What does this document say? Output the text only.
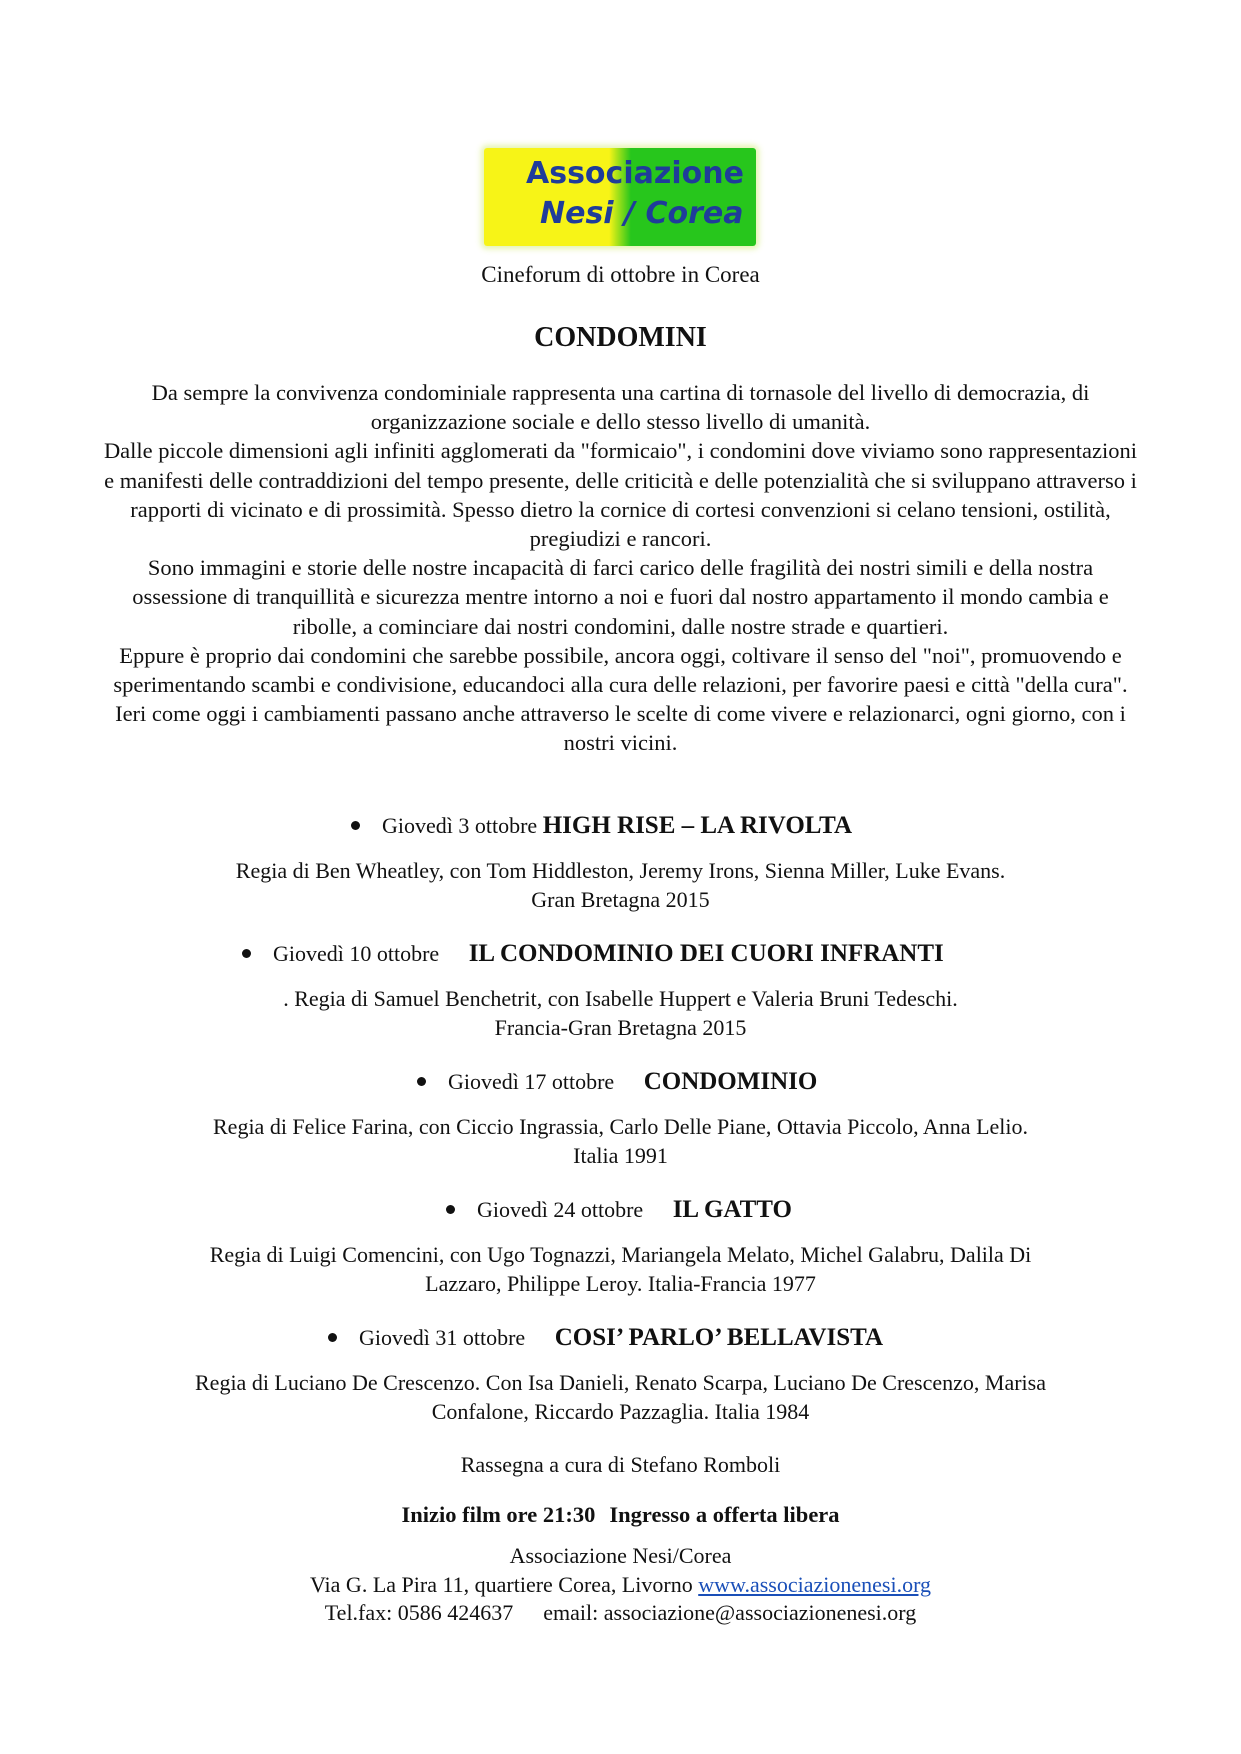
Associazione
Nesi / Corea
Cineforum di ottobre in Corea
CONDOMINI

Da sempre la convivenza condominiale rappresenta una cartina di tornasole del livello di democrazia, di organizzazione sociale e dello stesso livello di umanità.

Dalle piccole dimensioni agli infiniti agglomerati da "formicaio", i condomini dove viviamo sono rappresentazioni e manifesti delle contraddizioni del tempo presente, delle criticità e delle potenzialità che si sviluppano attraverso i rapporti di vicinato e di prossimità. Spesso dietro la cornice di cortesi convenzioni si celano tensioni, ostilità, pregiudizi e rancori.

Sono immagini e storie delle nostre incapacità di farci carico delle fragilità dei nostri simili e della nostra ossessione di tranquillità e sicurezza mentre intorno a noi e fuori dal nostro appartamento il mondo cambia e ribolle, a cominciare dai nostri condomini, dalle nostre strade e quartieri.

Eppure è proprio dai condomini che sarebbe possibile, ancora oggi, coltivare il senso del "noi", promuovendo e sperimentando scambi e condivisione, educandoci alla cura delle relazioni, per favorire paesi e città "della cura".

Ieri come oggi i cambiamenti passano anche attraverso le scelte di come vivere e relazionarci, ogni giorno, con i nostri vicini.

Giovedì 3 ottobre HIGH RISE – LA RIVOLTA
Regia di Ben Wheatley, con Tom Hiddleston, Jeremy Irons, Sienna Miller, Luke Evans.
Gran Bretagna 2015
Giovedì 10 ottobre IL CONDOMINIO DEI CUORI INFRANTI
. Regia di Samuel Benchetrit, con Isabelle Huppert e Valeria Bruni Tedeschi.
Francia-Gran Bretagna 2015
Giovedì 17 ottobre CONDOMINIO
Regia di Felice Farina, con Ciccio Ingrassia, Carlo Delle Piane, Ottavia Piccolo, Anna Lelio.
Italia 1991
Giovedì 24 ottobre IL GATTO
Regia di Luigi Comencini, con Ugo Tognazzi, Mariangela Melato, Michel Galabru, Dalila Di
Lazzaro, Philippe Leroy. Italia-Francia 1977
Giovedì 31 ottobre COSI’ PARLO’ BELLAVISTA
Regia di Luciano De Crescenzo. Con Isa Danieli, Renato Scarpa, Luciano De Crescenzo, Marisa
Confalone, Riccardo Pazzaglia. Italia 1984
Rassegna a cura di Stefano Romboli
Inizio film ore 21:30 Ingresso a offerta libera
Associazione Nesi/Corea
Via G. La Pira 11, quartiere Corea, Livorno www.associazionenesi.org
Tel.fax: 0586 424637 email: associazione@associazionenesi.org
